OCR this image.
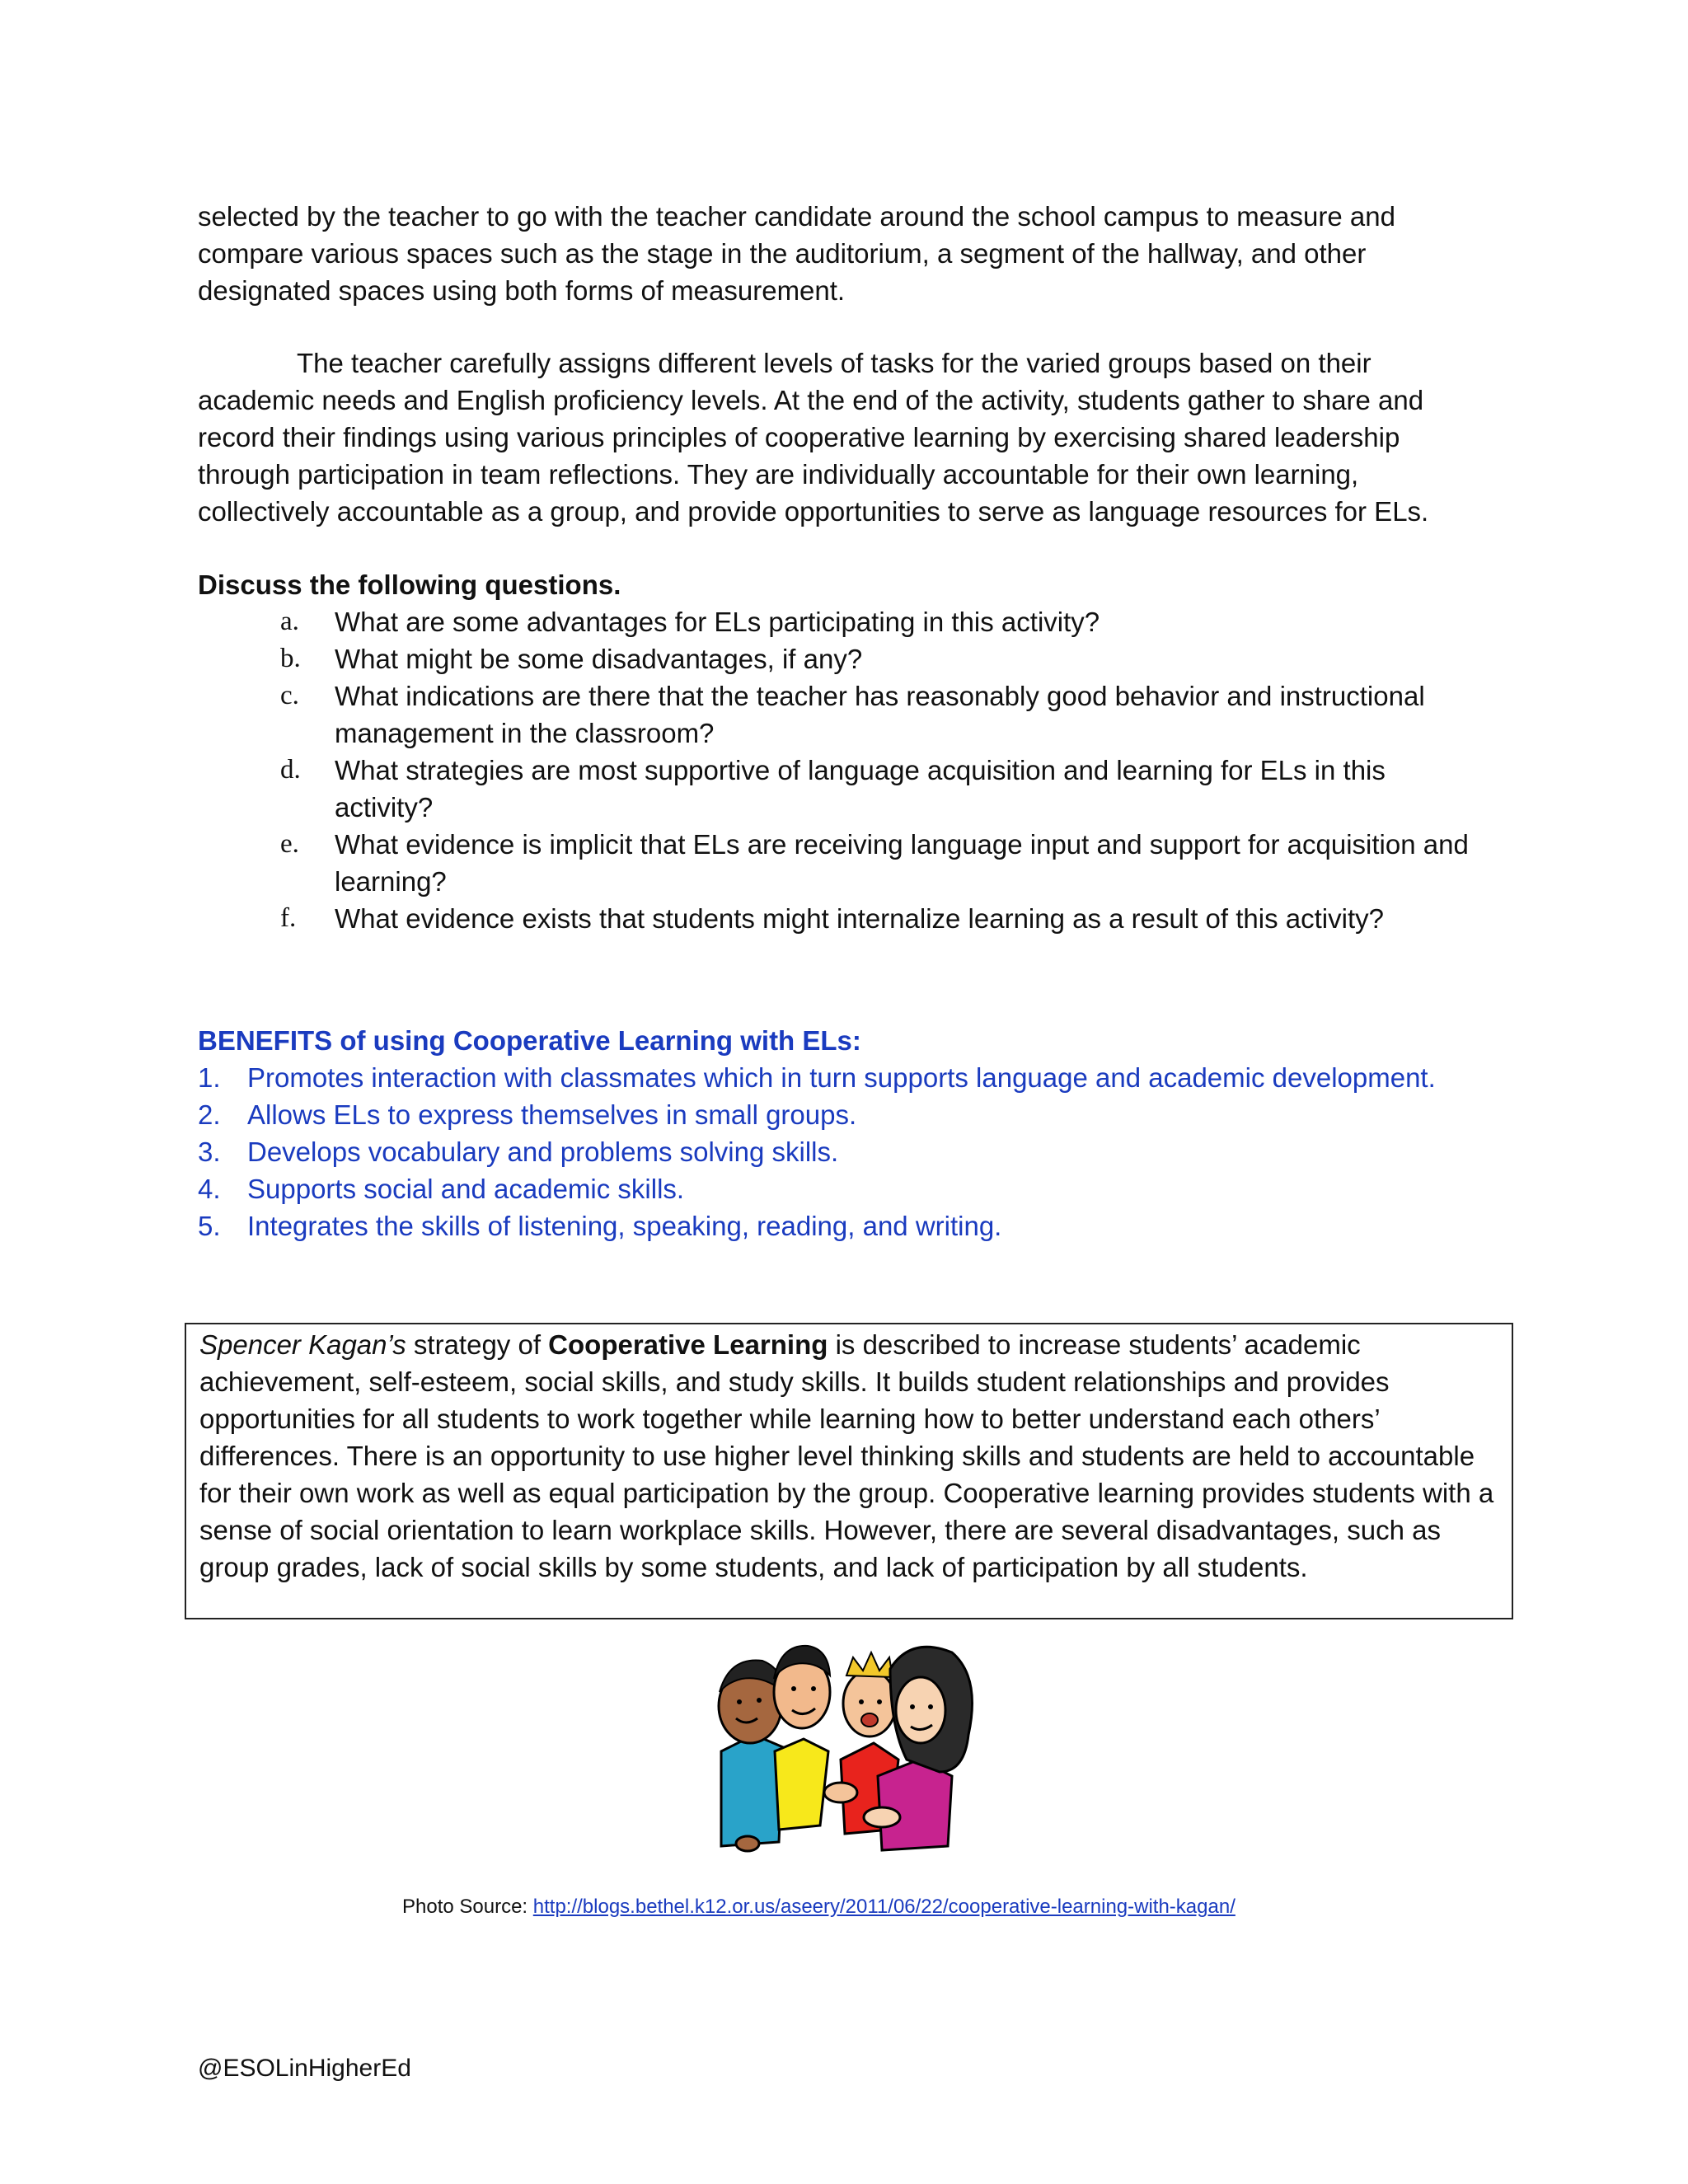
selected by the teacher to go with the teacher candidate around the school campus to measure and compare various spaces such as the stage in the auditorium, a segment of the hallway, and other designated spaces using both forms of measurement.

The teacher carefully assigns different levels of tasks for the varied groups based on their academic needs and English proficiency levels. At the end of the activity, students gather to share and record their findings using various principles of cooperative learning by exercising shared leadership through participation in team reflections. They are individually accountable for their own learning, collectively accountable as a group, and provide opportunities to serve as language resources for ELs.

Discuss the following questions.

a.	What are some advantages for ELs participating in this activity?
b.	What might be some disadvantages, if any?
c.	What indications are there that the teacher has reasonably good behavior and instructional management in the classroom?
d.	What strategies are most supportive of language acquisition and learning for ELs in this activity?
e.	What evidence is implicit that ELs are receiving language input and support for acquisition and learning?
f.	What evidence exists that students might internalize learning as a result of this activity?

BENEFITS of using Cooperative Learning with ELs:

1. Promotes interaction with classmates which in turn supports language and academic development.
2. Allows ELs to express themselves in small groups.
3. Develops vocabulary and problems solving skills.
4. Supports social and academic skills.
5. Integrates the skills of listening, speaking, reading, and writing.

Spencer Kagan’s strategy of Cooperative Learning is described to increase students’ academic achievement, self-esteem, social skills, and study skills. It builds student relationships and provides opportunities for all students to work together while learning how to better understand each others’ differences. There is an opportunity to use higher level thinking skills and students are held to accountable for their own work as well as equal participation by the group. Cooperative learning provides students with a sense of social orientation to learn workplace skills. However, there are several disadvantages, such as group grades, lack of social skills by some students, and lack of participation by all students.

Photo Source: http://blogs.bethel.k12.or.us/aseery/2011/06/22/cooperative-learning-with-kagan/

@ESOLinHigherEd
